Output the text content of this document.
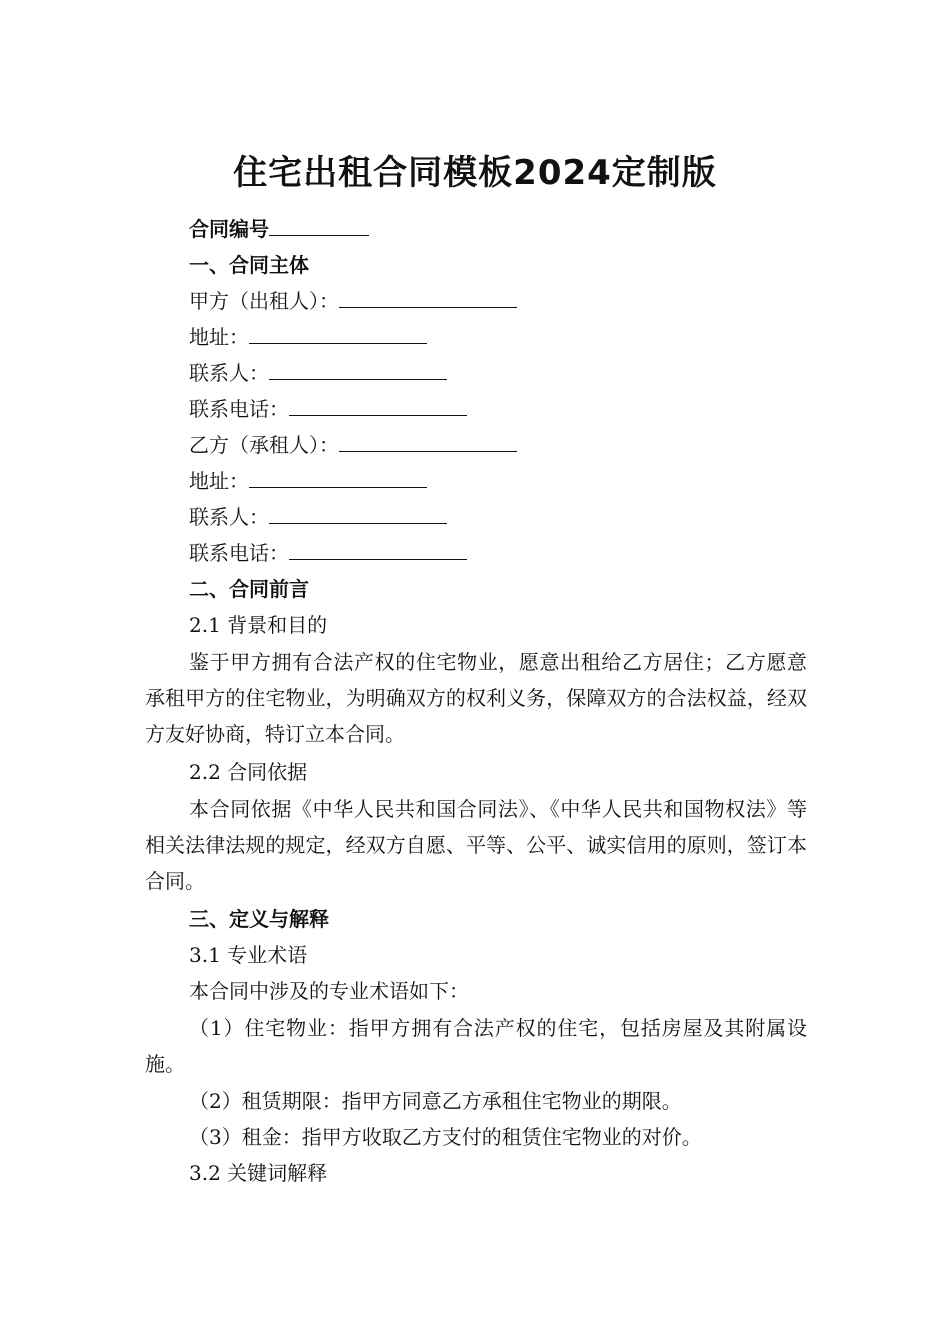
住宅出租合同模板2024定制版
合同编号
一、合同主体
甲方（出租人）：
地址：
联系人：
联系电话：
乙方（承租人）：
地址：
联系人：
联系电话：
二、合同前言
2.1 背景和目的
鉴于甲方拥有合法产权的住宅物业，愿意出租给乙方居住；乙方愿意承租甲方的住宅物业，为明确双方的权利义务，保障双方的合法权益，经双方友好协商，特订立本合同。
2.2 合同依据
本合同依据《中华人民共和国合同法》、《中华人民共和国物权法》等相关法律法规的规定，经双方自愿、平等、公平、诚实信用的原则，签订本合同。
三、定义与解释
3.1 专业术语
本合同中涉及的专业术语如下：
（1）住宅物业：指甲方拥有合法产权的住宅，包括房屋及其附属设施。
（2）租赁期限：指甲方同意乙方承租住宅物业的期限。
（3）租金：指甲方收取乙方支付的租赁住宅物业的对价。
3.2 关键词解释
